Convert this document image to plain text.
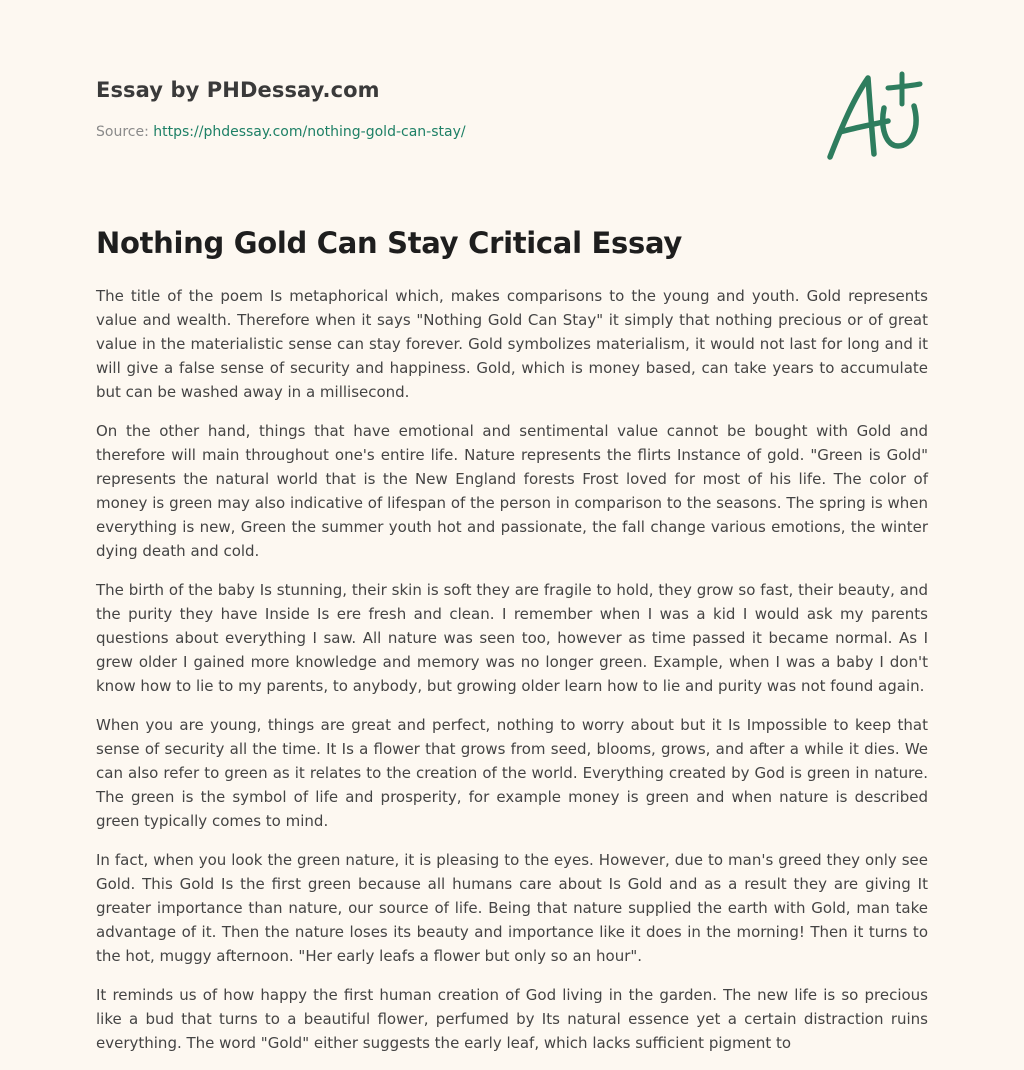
Essay by PHDessay.com
Source: https://phdessay.com/nothing-gold-can-stay/
Nothing Gold Can Stay Critical Essay

The title of the poem Is metaphorical which, makes comparisons to the young and youth. Gold represents value and wealth. Therefore when it says "Nothing Gold Can Stay" it simply that nothing precious or of great value in the materialistic sense can stay forever. Gold symbolizes materialism, it would not last for long and it will give a false sense of security and happiness. Gold, which is money based, can take years to accumulate but can be washed away in a millisecond.

On the other hand, things that have emotional and sentimental value cannot be bought with Gold and therefore will main throughout one's entire life. Nature represents the flirts Instance of gold. "Green is Gold" represents the natural world that is the New England forests Frost loved for most of his life. The color of money is green may also indicative of lifespan of the person in comparison to the seasons. The spring is when everything is new, Green the summer youth hot and passionate, the fall change various emotions, the winter dying death and cold.

The birth of the baby Is stunning, their skin is soft they are fragile to hold, they grow so fast, their beauty, and the purity they have Inside Is ere fresh and clean. I remember when I was a kid I would ask my parents questions about everything I saw. All nature was seen too, however as time passed it became normal. As I grew older I gained more knowledge and memory was no longer green. Example, when I was a baby I don't know how to lie to my parents, to anybody, but growing older learn how to lie and purity was not found again.

When you are young, things are great and perfect, nothing to worry about but it Is Impossible to keep that sense of security all the time. It Is a flower that grows from seed, blooms, grows, and after a while it dies. We can also refer to green as it relates to the creation of the world. Everything created by God is green in nature. The green is the symbol of life and prosperity, for example money is green and when nature is described green typically comes to mind.

In fact, when you look the green nature, it is pleasing to the eyes. However, due to man's greed they only see Gold. This Gold Is the first green because all humans care about Is Gold and as a result they are giving It greater importance than nature, our source of life. Being that nature supplied the earth with Gold, man take advantage of it. Then the nature loses its beauty and importance like it does in the morning! Then it turns to the hot, muggy afternoon. "Her early leafs a flower but only so an hour".

It reminds us of how happy the first human creation of God living in the garden. The new life is so precious like a bud that turns to a beautiful flower, perfumed by Its natural essence yet a certain distraction ruins everything. The word "Gold" either suggests the early leaf, which lacks sufficient pigment to
